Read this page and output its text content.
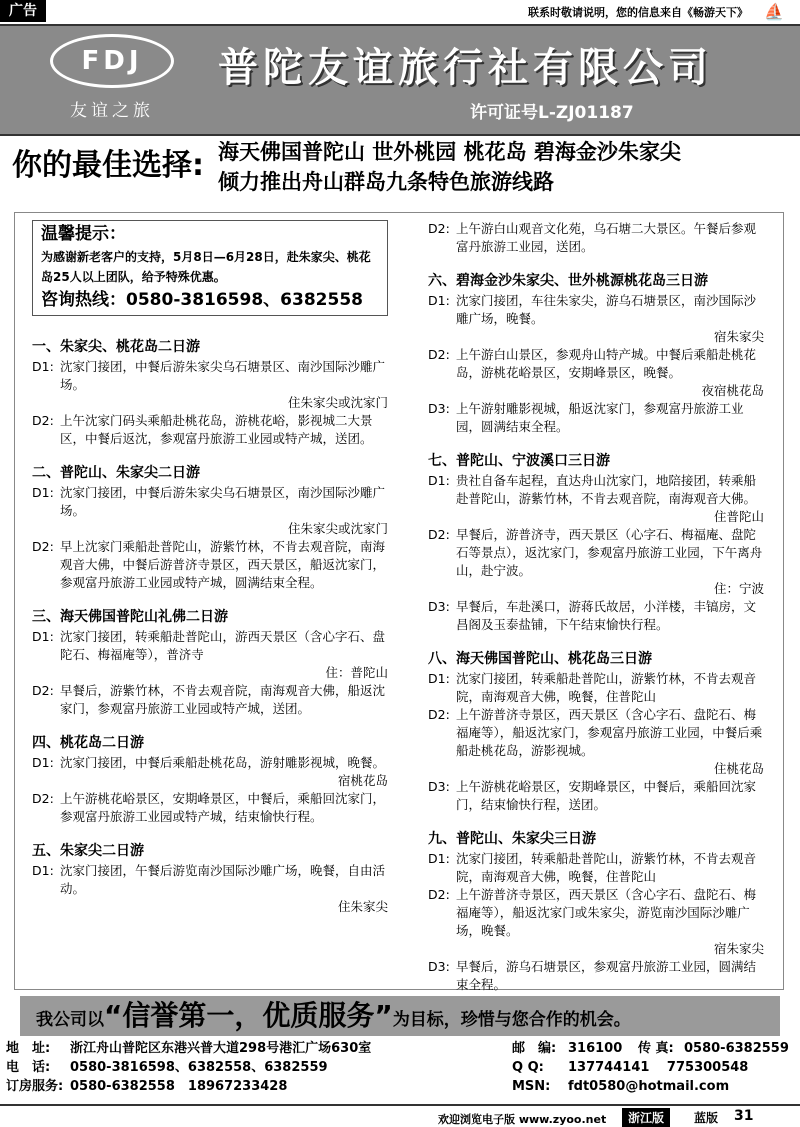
广告	联系时敬请说明，您的信息来自《畅游天下》	⛵
FDJ
友谊之旅
普陀友谊旅行社有限公司
许可证号L-ZJ01187
你的最佳选择: 海天佛国普陀山 世外桃园 桃花岛 碧海金沙朱家尖
倾力推出舟山群岛九条特色旅游线路
温馨提示：
为感谢新老客户的支持，5月8日—6月28日，赴朱家尖、桃花岛25人以上团队，给予特殊优惠。
咨询热线：0580-3816598、6382558
一、朱家尖、桃花岛二日游
D1: 沈家门接团，中餐后游朱家尖乌石塘景区、南沙国际沙雕广场。
住朱家尖或沈家门
D2: 上午沈家门码头乘船赴桃花岛，游桃花峪，影视城二大景区，中餐后返沈，参观富丹旅游工业园或特产城，送团。
二、普陀山、朱家尖二日游
D1: 沈家门接团，中餐后游朱家尖乌石塘景区，南沙国际沙雕广场。
住朱家尖或沈家门
D2: 早上沈家门乘船赴普陀山，游紫竹林，不肯去观音院，南海观音大佛，中餐后游普济寺景区，西天景区，船返沈家门，参观富丹旅游工业园或特产城，圆满结束全程。
三、海天佛国普陀山礼佛二日游
D1: 沈家门接团，转乘船赴普陀山，游西天景区（含心字石、盘陀石、梅福庵等），普济寺
住：普陀山
D2: 早餐后，游紫竹林，不肯去观音院，南海观音大佛，船返沈家门，参观富丹旅游工业园或特产城，送团。
四、桃花岛二日游
D1: 沈家门接团，中餐后乘船赴桃花岛，游射雕影视城，晚餐。
宿桃花岛
D2: 上午游桃花峪景区，安期峰景区，中餐后，乘船回沈家门，参观富丹旅游工业园或特产城，结束愉快行程。
五、朱家尖二日游
D1: 沈家门接团，午餐后游览南沙国际沙雕广场，晚餐，自由活动。
住朱家尖
D2: 上午游白山观音文化苑，乌石塘二大景区。午餐后参观富丹旅游工业园，送团。
六、碧海金沙朱家尖、世外桃源桃花岛三日游
D1: 沈家门接团，车往朱家尖，游乌石塘景区，南沙国际沙雕广场，晚餐。
宿朱家尖
D2: 上午游白山景区，参观舟山特产城。中餐后乘船赴桃花岛，游桃花峪景区，安期峰景区，晚餐。
夜宿桃花岛
D3: 上午游射雕影视城，船返沈家门，参观富丹旅游工业园，圆满结束全程。
七、普陀山、宁波溪口三日游
D1: 贵社自备车起程，直达舟山沈家门，地陪接团，转乘船赴普陀山，游紫竹林，不肯去观音院，南海观音大佛。
住普陀山
D2: 早餐后，游普济寺，西天景区（心字石、梅福庵、盘陀石等景点），返沈家门，参观富丹旅游工业园，下午离舟山，赴宁波。
住：宁波
D3: 早餐后，车赴溪口，游蒋氏故居，小洋楼，丰镐房，文昌阁及玉泰盐铺，下午结束愉快行程。
八、海天佛国普陀山、桃花岛三日游
D1: 沈家门接团，转乘船赴普陀山，游紫竹林，不肯去观音院，南海观音大佛，晚餐，住普陀山
D2: 上午游普济寺景区，西天景区（含心字石、盘陀石、梅福庵等），船返沈家门，参观富丹旅游工业园，中餐后乘船赴桃花岛，游影视城。
住桃花岛
D3: 上午游桃花峪景区，安期峰景区，中餐后，乘船回沈家门，结束愉快行程，送团。
九、普陀山、朱家尖三日游
D1: 沈家门接团，转乘船赴普陀山，游紫竹林，不肯去观音院，南海观音大佛，晚餐，住普陀山
D2: 上午游普济寺景区，西天景区（含心字石、盘陀石、梅福庵等），船返沈家门或朱家尖，游览南沙国际沙雕广场，晚餐。
宿朱家尖
D3: 早餐后，游乌石塘景区，参观富丹旅游工业园，圆满结束全程。
我公司以“信誉第一，优质服务”为目标，珍惜与您合作的机会。
地　址:	浙江舟山普陀区东港兴普大道298号港汇广场630室	邮　编: 316100	传 真: 0580-6382559
电　话:	0580-3816598、6382558、6382559	Q Q:	137744141　 775300548
订房服务: 0580-6382558　18967233428	MSN:	fdt0580@hotmail.com
欢迎浏览电子版 www.zyoo.net	浙江版	蓝版 31
